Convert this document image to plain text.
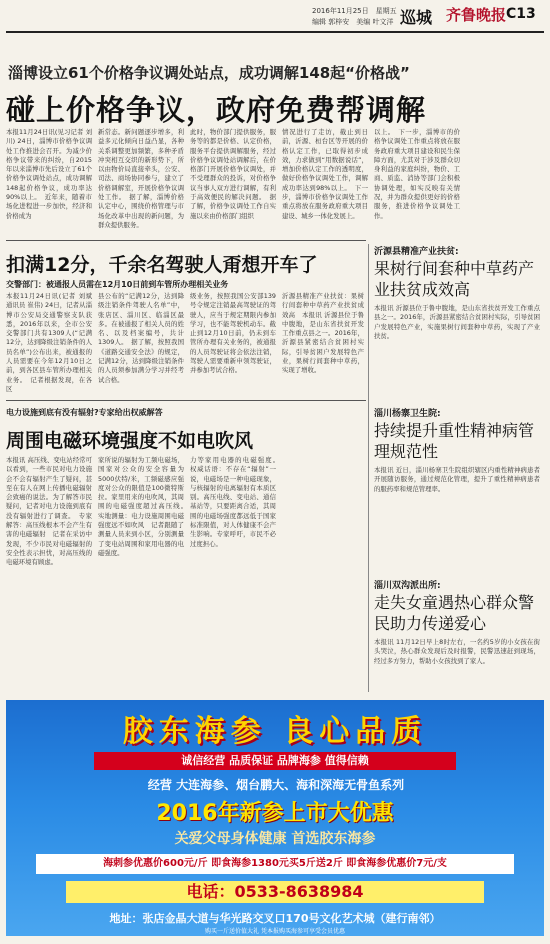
2016年11月25日　星期五
编辑 郭梓安　美编 叶文洋 巡城 齐鲁晚报 C13
淄博设立61个价格争议调处站点，成功调解148起“价格战”
碰上价格争议，政府免费帮调解
本报11月24日讯(见习记者 刘川) 24日，淄博市价格争议调处工作推进会召开。为减少价格争议带来的纠纷，自2015年以来淄博市先后设立了61个价格争议调处站点，成功调解148起价格争议，成功率达90%以上。　近年来，随着市场化进程进一步加快，经济和价格成为
新常态。新问题逐步增多，利益多元化倾向日益凸显，各种关系调整更加频繁，多种矛盾冲突相互交织的新形势下，所以由物价局直接牵头，公安、司法、商场协同参与，建立了价格调解室，开展价格争议调处工作。　据了解，淄博价格认定中心，围绕价格管理与市场化改革中出现的新问题，为群众提供服务。
此时，物价部门提供服务，服务等的都是价格、认定价格，服务平台提供调解服务，经过价格争议调处站调解后，在价格部门开展价格争议调处，并不受理群众的投诉，对价格争议当事人双方进行调解，有利于高效便民的解决问题。　据了解，价格争议调处工作自实施以来由价格部门组织
情况进行了走访，截止到日前，沂源、桓台区等开展的价格认定工作，已取得初步成效，力求做到“用数据说话”，增加价格认定工作的透明度，做好价格争议调处工作，调解成功率达到98%以上。　下一步，淄博市价格争议调处工作重点将放在服务政府重大项目建设、城乡一体化发展上。
以上。　下一步，淄博市的价格争议调处工作重点将放在服务政府重大项目建设和民生保障方面，尤其对于涉及群众切身利益的家庭纠纷，物价、工商、质监、消协等部门会积极协调处理，如实反映有关情况，并为群众提供更好的价格服务，推进价格争议调处工作。
扣满12分，千余名驾驶人甭想开车了
交警部门：被通报人员需在12月10日前到车管所办理相关业务
本报11月24日讯(记者 刘斌 通讯员 崔伟) 24日，记者从淄博市公安局交通警察支队获悉，2016年以来，全市公安交警部门共有1309人(“记满12分，达到降级注销条件的人员名单”)公布出来，被通报的人员需要在今年12月10日之前，到各区县车管所办理相关业务。　记者根据发现，在各区
县公布的“记满12分，达到降级注销条件驾驶人名单”中，张店区、淄川区、临淄区最多。在被通报了相关人员的姓名、以及档案编号，共计1309人。　据了解，按照我国《道路交通安全法》的规定，记满12分，达到降级注销条件的人员须参加满分学习并经考试合格。
级业务，按照我国公安部139号令规定注销最高驾驶证的驾驶人，应当于规定期限内参加学习，也不能驾驶机动车。截止到12月10日前，仍未到车管所办理有关业务的，被通报的人员驾驶证将会依法注销，驾驶人需要重新申领驾驶证，并参加考试合格。
沂源县精准产业扶贫：果树行间套种中草药产业扶贫成效高　本报讯 沂源县位于鲁中腹地，是山东省扶贫开发工作重点县之一。2016年，沂源县紧密结合贫困村实际，引导贫困户发展特色产业，果树行间套种中草药，实现了增收。
电力设施到底有没有辐射?专家给出权威解答
周围电磁环境强度不如电吹风
本报讯 高压线、变电站经常可以看到，一些市民对电力设施会不会有辐射产生了疑问，甚至在有人在网上传播电磁辐射会致癌的说法。为了解答市民疑问，记者对电力设施到底有没有辐射进行了调查。　专家解答：高压线根本不会产生有害的电磁辐射　记者在采访中发现，不少市民对电磁辐射的安全性表示担忧，对高压线的电磁环境有顾虑。
家所说的辐射为工频电磁场，国家对公众的安全容量为5000伏特/米，工频磁感应强度对公众的限值是100微特斯拉。家里用来的电吹风，其周围的电磁强度超过高压线。　实地测量：电力设施周围电磁强度远不如吹风　记者跟随了测量人员来到小区，分别测量了变电站周围和家用电器的电磁强度。
力等家用电器的电磁强度。　权威话语：不存在“辐射”一说，电磁场是一种电磁现象，与核辐射的电离辐射有本质区别。高压电线、变电站、通信基站等，只要距离合适，其周围的电磁场强度都远低于国家标准限值，对人体健康不会产生影响。专家呼吁，市民不必过度担心。
沂源县精准产业扶贫:
果树行间套种中草药产业扶贫成效高
本报讯 沂源县位于鲁中腹地，是山东省扶贫开发工作重点县之一。2016年，沂源县紧密结合贫困村实际，引导贫困户发展特色产业，实施果树行间套种中草药，实现了产业扶贫。
淄川杨寨卫生院:
持续提升重性精神病管理规范性
本报讯 近日，淄川杨寨卫生院组织辖区内重性精神病患者开展随访服务，通过规范化管理，提升了重性精神病患者的服药率和规范管理率。
淄川双沟派出所:
走失女童遇热心群众警民助力传递爱心
本报讯 11月12日早上8时左右，一名约5岁的小女孩在街头哭泣，热心群众发现后及时报警，民警迅速赶到现场，经过多方努力，帮助小女孩找到了家人。
胶东海参 良心品质
诚信经营 品质保证 品牌海参 值得信赖
经营 大连海参、烟台鹏大、海和深海无骨鱼系列
2016年新参上市大优惠
关爱父母身体健康 首选胶东海参
海刺参优惠价600元/斤 即食海参1380元买5斤送2斤 即食海参优惠价7元/支
电话：0533-8638984
地址：张店金晶大道与华光路交叉口170号文化艺术城（建行南邻）
购买一斤送价值大礼 凭本报购买海参可享受会员优惠
